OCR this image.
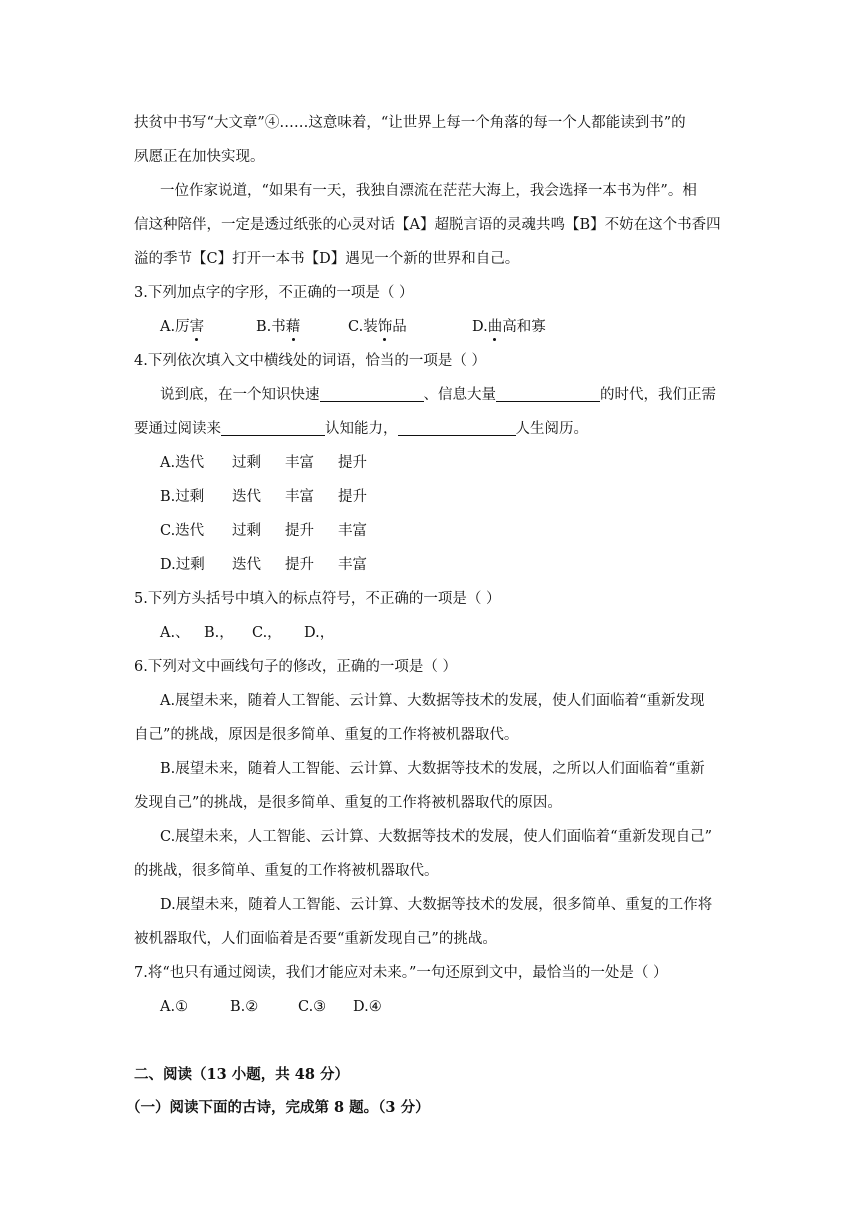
扶贫中书写“大文章”④……这意味着，“让世界上每一个角落的每一个人都能读到书”的
夙愿正在加快实现。
一位作家说道，“如果有一天，我独自漂流在茫茫大海上，我会选择一本书为伴”。相
信这种陪伴，一定是透过纸张的心灵对话【A】超脱言语的灵魂共鸣【B】不妨在这个书香四
溢的季节【C】打开一本书【D】遇见一个新的世界和自己。
3.下列加点字的字形，不正确的一项是（ ）
A.厉害	B.书藉	C.装饰品	D.曲高和寡
4.下列依次填入文中横线处的词语，恰当的一项是（ ）
说到底，在一个知识快速	、信息大量	的时代，我们正需
要通过阅读来	认知能力，	人生阅历。
A.迭代 过剩 丰富 提升
B.过剩 迭代 丰富 提升
C.迭代 过剩 提升 丰富
D.过剩 迭代 提升 丰富
5.下列方头括号中填入的标点符号，不正确的一项是（ ）
A.、 B.， C.， D.，
6.下列对文中画线句子的修改，正确的一项是（ ）
A.展望未来，随着人工智能、云计算、大数据等技术的发展，使人们面临着“重新发现
自己”的挑战，原因是很多简单、重复的工作将被机器取代。
B.展望未来，随着人工智能、云计算、大数据等技术的发展，之所以人们面临着“重新
发现自己”的挑战，是很多简单、重复的工作将被机器取代的原因。
C.展望未来，人工智能、云计算、大数据等技术的发展，使人们面临着“重新发现自己”
的挑战，很多简单、重复的工作将被机器取代。
D.展望未来，随着人工智能、云计算、大数据等技术的发展，很多简单、重复的工作将
被机器取代，人们面临着是否要“重新发现自己”的挑战。
7.将“也只有通过阅读，我们才能应对未来。”一句还原到文中，最恰当的一处是（ ）
A.①	B.②	C.③ D.④
二、阅读（13 小题，共 48 分）
（一）阅读下面的古诗，完成第 8 题。（3 分）
